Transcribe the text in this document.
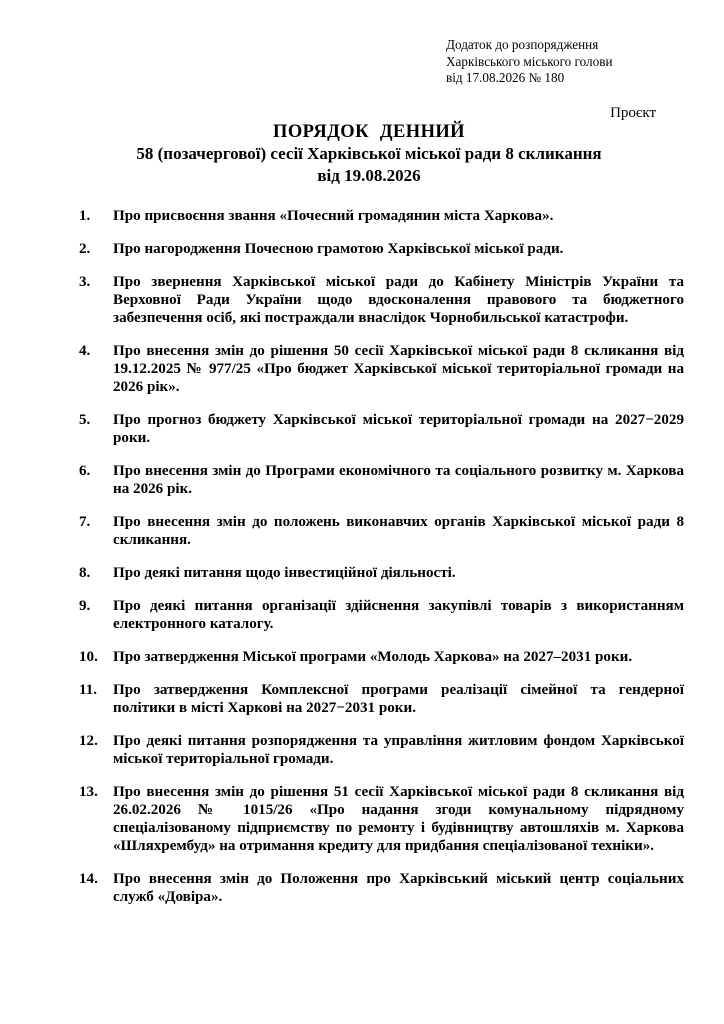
Додаток до розпорядження
Харківського міського голови
від 17.08.2026 № 180
Проєкт
ПОРЯДОК ДЕННИЙ
58 (позачергової) сесії Харківської міської ради 8 скликання
від 19.08.2026
1.	Про присвоєння звання «Почесний громадянин міста Харкова».
2.	Про нагородження Почесною грамотою Харківської міської ради.
3.	Про звернення Харківської міської ради до Кабінету Міністрів України та Верховної Ради України щодо вдосконалення правового та бюджетного забезпечення осіб, які постраждали внаслідок Чорнобильської катастрофи.
4.	Про внесення змін до рішення 50 сесії Харківської міської ради 8 скликання від 19.12.2025 № 977/25 «Про бюджет Харківської міської територіальної громади на 2026 рік».
5.	Про прогноз бюджету Харківської міської територіальної громади на 2027−2029 роки.
6.	Про внесення змін до Програми економічного та соціального розвитку м. Харкова на 2026 рік.
7.	Про внесення змін до положень виконавчих органів Харківської міської ради 8 скликання.
8.	Про деякі питання щодо інвестиційної діяльності.
9.	Про деякі питання організації здійснення закупівлі товарів з використанням електронного каталогу.
10.	Про затвердження Міської програми «Молодь Харкова» на 2027–2031 роки.
11.	Про затвердження Комплексної програми реалізації сімейної та гендерної політики в місті Харкові на 2027−2031 роки.
12.	Про деякі питання розпорядження та управління житловим фондом Харківської міської територіальної громади.
13.	Про внесення змін до рішення 51 сесії Харківської міської ради 8 скликання від 26.02.2026 № 1015/26 «Про надання згоди комунальному підрядному спеціалізованому підприємству по ремонту і будівництву автошляхів м. Харкова «Шляхрембуд» на отримання кредиту для придбання спеціалізованої техніки».
14.	Про внесення змін до Положення про Харківський міський центр соціальних служб «Довіра».
